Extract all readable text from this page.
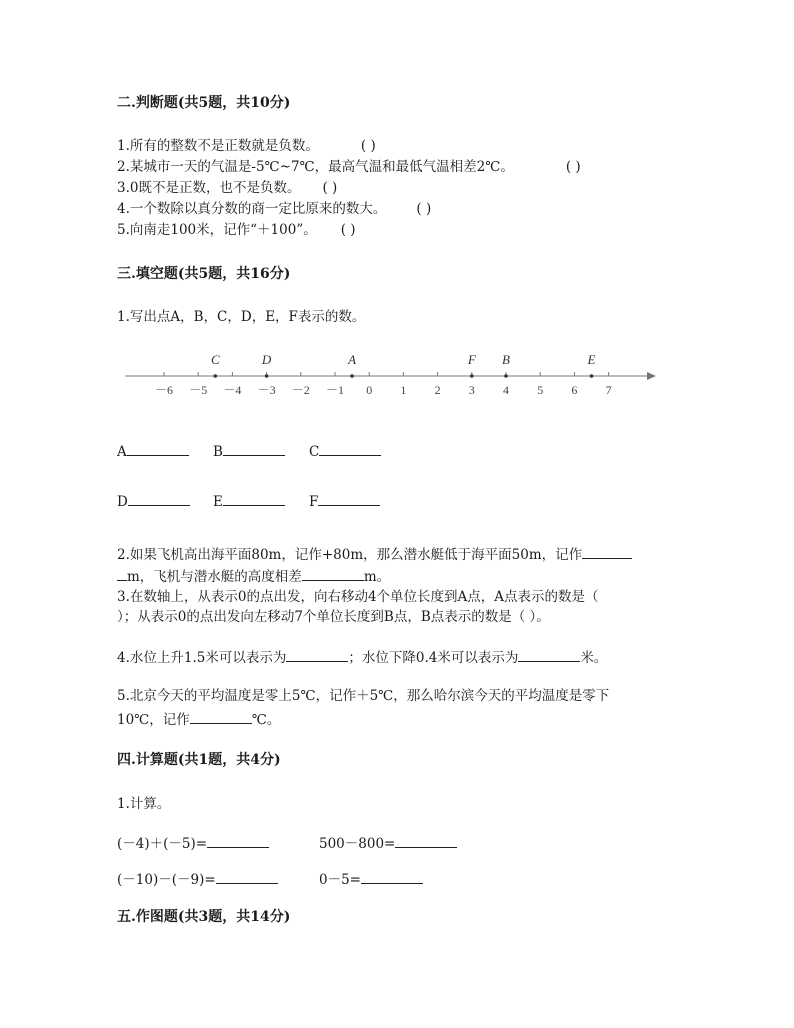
二.判断题(共5题，共10分)
1.所有的整数不是正数就是负数。	( )
2.某城市一天的气温是-5℃~7℃，最高气温和最低气温相差2℃。	( )
3.0既不是正数，也不是负数。 ( )
4.一个数除以真分数的商一定比原来的数大。 ( )
5.向南走100米，记作“＋100”。 ( )
三.填空题(共5题，共16分)
1.写出点A，B，C，D，E，F表示的数。
－6 －5 －4 －3 －2 －1 0 1 2 3 4 5 6 7
C	D	A	F B	E
A	B	C
D	E	F
2.如果飞机高出海平面80m，记作+80m，那么潜水艇低于海平面50m，记作
m，飞机与潜水艇的高度相差	m。
3.在数轴上，从表示0的点出发，向右移动4个单位长度到A点，A点表示的数是（
）；从表示0的点出发向左移动7个单位长度到B点，B点表示的数是（ ）。
4.水位上升1.5米可以表示为	；水位下降0.4米可以表示为	米。
5.北京今天的平均温度是零上5℃，记作＋5℃，那么哈尔滨今天的平均温度是零下
10℃，记作	℃。
四.计算题(共1题，共4分)
1.计算。
(－4)＋(－5)=	500－800=
(－10)－(－9)=	0－5=
五.作图题(共3题，共14分)
